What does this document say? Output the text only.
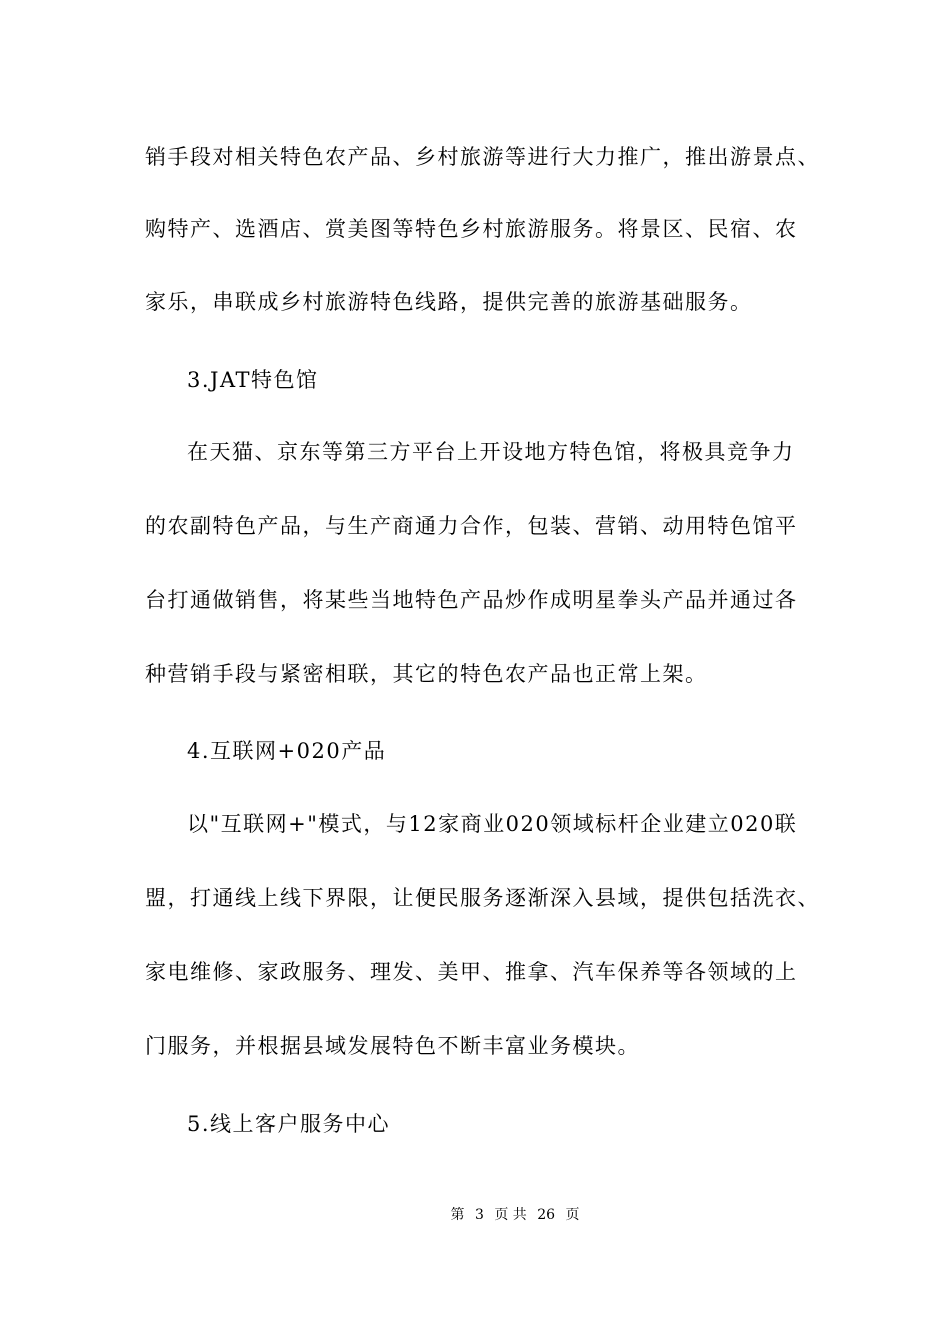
销手段对相关特色农产品、乡村旅游等进行大力推广，推出游景点、
购特产、选酒店、赏美图等特色乡村旅游服务。将景区、民宿、农
家乐，串联成乡村旅游特色线路，提供完善的旅游基础服务。
3.JAT特色馆
在天猫、京东等第三方平台上开设地方特色馆，将极具竞争力
的农副特色产品，与生产商通力合作，包装、营销、动用特色馆平
台打通做销售，将某些当地特色产品炒作成明星拳头产品并通过各
种营销手段与紧密相联，其它的特色农产品也正常上架。
4.互联网+020产品
以"互联网+"模式，与12家商业020领域标杆企业建立020联
盟，打通线上线下界限，让便民服务逐渐深入县域，提供包括洗衣、
家电维修、家政服务、理发、美甲、推拿、汽车保养等各领域的上
门服务，并根据县域发展特色不断丰富业务模块。
5.线上客户服务中心
第 3 页 共 26 页
